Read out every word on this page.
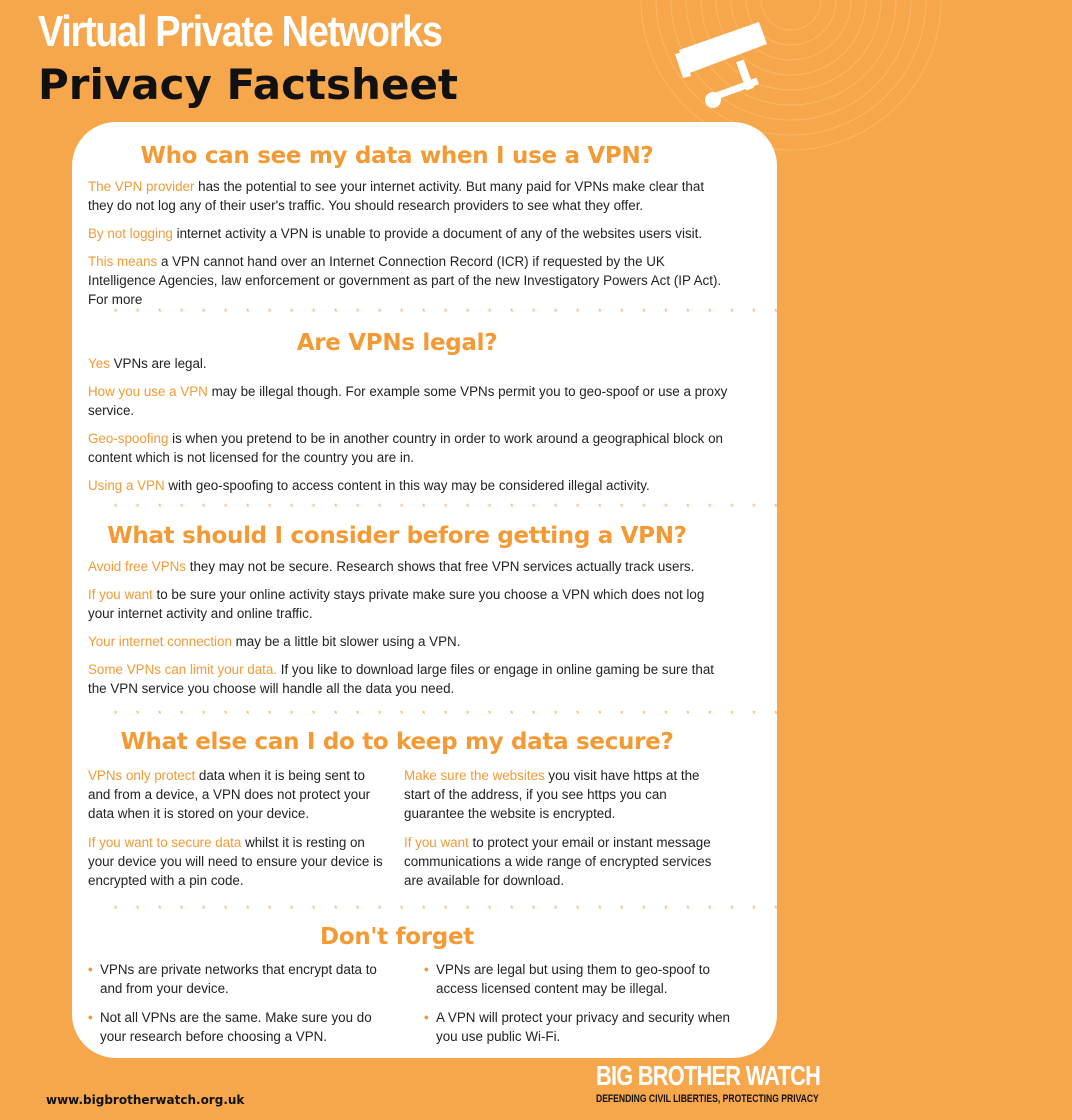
Virtual Private Networks
Privacy Factsheet
Who can see my data when I use a VPN?

The VPN provider has the potential to see your internet activity. But many paid for VPNs make clear that they do not log any of their user's traffic. You should research providers to see what they offer.

By not logging internet activity a VPN is unable to provide a document of any of the websites users visit.

This means a VPN cannot hand over an Internet Connection Record (ICR) if requested by the UK Intelligence Agencies, law enforcement or government as part of the new Investigatory Powers Act (IP Act). For more

* * * * * * * * * * * * * * * * * * * * * * * * * * * * * * * * * * * * * * * * * * * *
Are VPNs legal?

Yes VPNs are legal.

How you use a VPN may be illegal though. For example some VPNs permit you to geo-spoof or use a proxy service.

Geo-spoofing is when you pretend to be in another country in order to work around a geographical block on content which is not licensed for the country you are in.

Using a VPN with geo-spoofing to access content in this way may be considered illegal activity.

* * * * * * * * * * * * * * * * * * * * * * * * * * * * * * * * * * * * * * * * * * * *
What should I consider before getting a VPN?

Avoid free VPNs they may not be secure. Research shows that free VPN services actually track users.

If you want to be sure your online activity stays private make sure you choose a VPN which does not log your internet activity and online traffic.

Your internet connection may be a little bit slower using a VPN.

Some VPNs can limit your data. If you like to download large files or engage in online gaming be sure that the VPN service you choose will handle all the data you need.

* * * * * * * * * * * * * * * * * * * * * * * * * * * * * * * * * * * * * * * * * * * *
What else can I do to keep my data secure?

VPNs only protect data when it is being sent to and from a device, a VPN does not protect your data when it is stored on your device.

If you want to secure data whilst it is resting on your device you will need to ensure your device is encrypted with a pin code.

Make sure the websites you visit have https at the start of the address, if you see https you can guarantee the website is encrypted.

If you want to protect your email or instant message communications a wide range of encrypted services are available for download.

* * * * * * * * * * * * * * * * * * * * * * * * * * * * * * * * * * * * * * * * * * * *
Don't forget
• VPNs are private networks that encrypt data to and from your device.
• Not all VPNs are the same. Make sure you do your research before choosing a VPN.
• VPNs are legal but using them to geo-spoof to access licensed content may be illegal.
• A VPN will protect your privacy and security when you use public Wi-Fi.
www.bigbrotherwatch.org.uk
BIG BROTHER WATCH
DEFENDING CIVIL LIBERTIES, PROTECTING PRIVACY
